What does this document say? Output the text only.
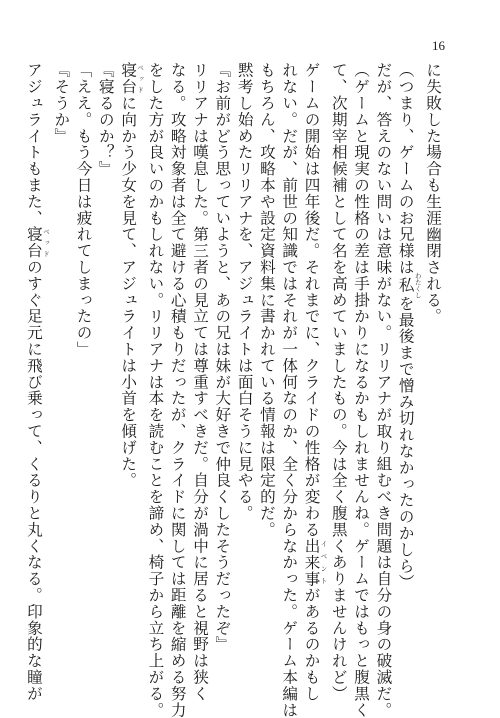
16
に失敗した場合も生涯幽閉される。
（つまり、ゲームのお兄様は私 わたくしを最後まで憎み切れなかったのかしら）
だが、答えのない問いは意味がない。リリアナが取り組むべき問題は自分の身の破滅だ。
（ゲームと現実の性格の差は手掛かりになるかもしれませんね。ゲームではもっと腹黒く
て、次期宰相候補として名を高めていましたもの。今は全く腹黒くありませんけれど）
ゲームの開始は四年後だ。それまでに、クライドの性格が変わる出来事 イベントがあるのかもし
れない。だが、前世の知識ではそれが一体何なのか、全く分からなかった。ゲーム本編は
もちろん、攻略本や設定資料集に書かれている情報は限定的だ。
黙考し始めたリリアナを、アジュライトは面白そうに見やる。
『お前がどう思っていようと、あの兄は妹が大好きで仲良くしたそうだったぞ』
リリアナは嘆息した。第三者の見立ては尊重すべきだ。自分が渦中に居ると視野は狭く
なる。攻略対象者は全て避ける心積もりだったが、クライドに関しては距離を縮める努力
をした方が良いのかもしれない。リリアナは本を読むことを諦め、椅子から立ち上がる。
寝台 ベッドに向かう少女を見て、アジュライトは小首を傾げた。
『寝るのか？』
「ええ。もう今日は疲れてしまったの」
『そうか』
アジュライトもまた、寝台 ベッドのすぐ足元に飛び乗って、くるりと丸くなる。印象的な瞳が
